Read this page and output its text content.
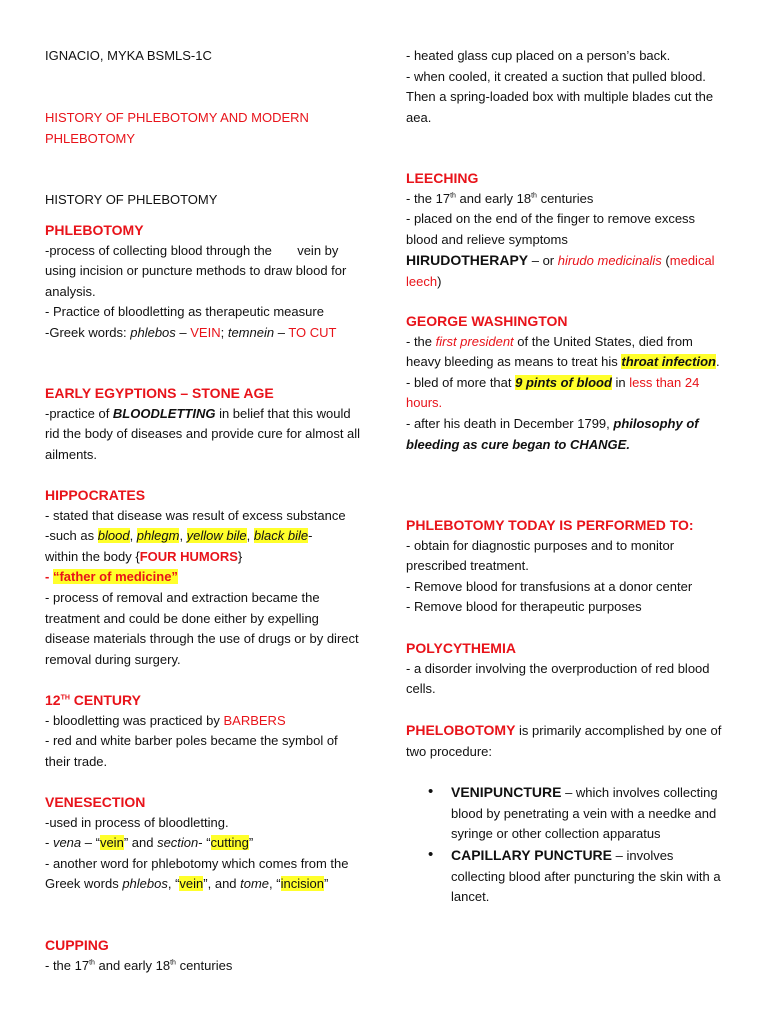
IGNACIO, MYKA BSMLS-1C

HISTORY OF PHLEBOTOMY AND MODERN PHLEBOTOMY

HISTORY OF PHLEBOTOMY

PHLEBOTOMY

-process of collecting blood through the       vein by using incision or puncture methods to draw blood for analysis.

- Practice of bloodletting as therapeutic measure

-Greek words: phlebos – VEIN; temnein – TO CUT

EARLY EGYPTIONS – STONE AGE

-practice of BLOODLETTING in belief that this would rid the body of diseases and provide cure for almost all ailments.

HIPPOCRATES

- stated that disease was result of excess substance

-such as blood, phlegm, yellow bile, black bile-
within the body {FOUR HUMORS}

- “father of medicine”

- process of removal and extraction became the treatment and could be done either by expelling disease materials through the use of drugs or by direct removal during surgery.

12TH CENTURY

- bloodletting was practiced by BARBERS

- red and white barber poles became the symbol of their trade.

VENESECTION

-used in process of bloodletting.

- vena – “vein” and section- “cutting”

- another word for phlebotomy which comes from the Greek words phlebos, “vein”, and tome, “incision”

CUPPING

- the 17th and early 18th centuries

- heated glass cup placed on a person’s back.

- when cooled, it created a suction that pulled blood. Then a spring-loaded box with multiple blades cut the aea.

LEECHING

- the 17th and early 18th centuries

- placed on the end of the finger to remove excess blood and relieve symptoms

HIRUDOTHERAPY – or hirudo medicinalis (medical leech)

GEORGE WASHINGTON

- the first president of the United States, died from heavy bleeding as means to treat his throat infection.

- bled of more that 9 pints of blood in less than 24 hours.

- after his death in December 1799, philosophy of bleeding as cure began to CHANGE.

PHLEBOTOMY TODAY IS PERFORMED TO:

- obtain for diagnostic purposes and to monitor prescribed treatment.

- Remove blood for transfusions at a donor center

- Remove blood for therapeutic purposes

POLYCYTHEMIA

- a disorder involving the overproduction of red blood cells.

PHELOBOTOMY is primarily accomplished by one of two procedure:

• VENIPUNCTURE – which involves collecting blood by penetrating a vein with a needke and syringe or other collection apparatus
• CAPILLARY PUNCTURE – involves collecting blood after puncturing the skin with a lancet.
